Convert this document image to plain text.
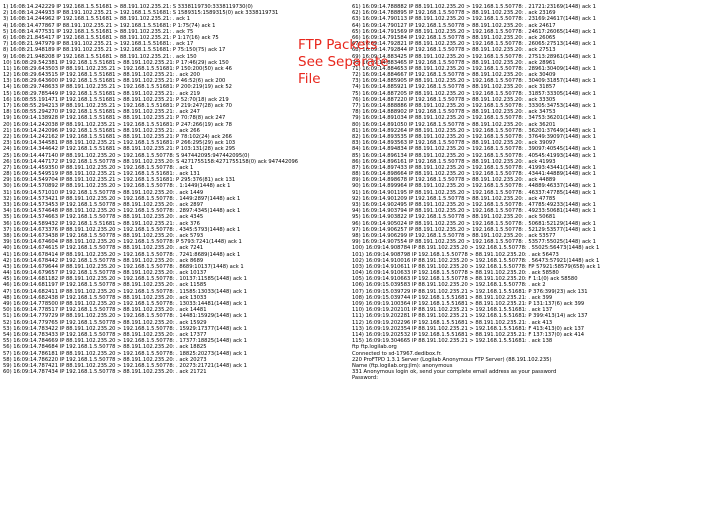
1) 16:08:14.242229 IP 192.168.1.5.51681 > 88.191.102.235.21: S 3338119730:3338119730(0)
2) 16:08:14.244933 IP 88.191.102.235.21 > 192.168.1.5.51681: S 1589315:1589315(0) ack 3338119731
3) 16:08:14.244962 IP 192.168.1.5.51681 > 88.191.102.235.21: . ack 1
4) 16:08:14.477867 IP 88.191.102.235.21 > 192.168.1.5.51681: P 1:75(74) ack 1
5) 16:08:14.477531 IP 192.168.1.5.51681 > 88.191.102.235.21: . ack 75
6) 16:08:21.845417 IP 192.168.1.5.51681 > 88.191.102.235.21: P 1:17(16) ack 75
7) 16:08:21.947979 IP 88.191.102.235.21 > 192.168.1.5.51681: . ack 17
8) 16:08:21.948189 IP 88.191.102.235.21 > 192.168.1.5.51681: P 75:150(75) ack 17
9) 16:08:21.948208 IP 192.168.1.5.51681 > 88.191.102.235.21: . ack 150
10) 16:08:29.542381 IP 192.168.1.5.51681 > 88.191.102.235.21: P 17:46(29) ack 150
11) 16:08:29.643503 IP 88.191.102.235.21 > 192.168.1.5.51681: P 150:200(50) ack 46
12) 16:08:29.643515 IP 192.168.1.5.51681 > 88.191.102.235.21: . ack 200
13) 16:08:29.643600 IP 192.168.1.5.51681 > 88.191.102.235.21: P 46:52(6) ack 200
14) 16:08:29.748633 IP 88.191.102.235.21 > 192.168.1.5.51681: P 200:219(19) ack 52
15) 16:08:29.785449 IP 192.168.1.5.51681 > 88.191.102.235.21: . ack 219
16) 16:08:55.191471 IP 192.168.1.5.51681 > 88.191.102.235.21: P 52:70(18) ack 219
17) 16:08:55.294213 IP 88.191.102.235.21 > 192.168.1.5.51681: P 219:247(28) ack 70
18) 16:08:55.294270 IP 192.168.1.5.51681 > 88.191.102.235.21: . ack 247
19) 16:09:14.138928 IP 192.168.1.5.51681 > 88.191.102.235.21: P 70:78(8) ack 247
20) 16:09:14.242038 IP 88.191.102.235.21 > 192.168.1.5.51681: P 247:266(19) ack 78
21) 16:09:14.242096 IP 192.168.1.5.51681 > 88.191.102.235.21: . ack 266
22) 16:09:14.242162 IP 192.168.1.5.51681 > 88.191.102.235.21: P 78:102(24) ack 266
23) 16:09:14.344581 IP 88.191.102.235.21 > 192.168.1.5.51681: P 266:295(29) ack 103
24) 16:09:14.344642 IP 192.168.1.5.51681 > 88.191.102.235.21: P 103:131(28) ack 295
25) 16:09:14.447140 IP 88.191.102.235.20 > 192.168.1.5.50778: S 947442095:947442095(0)
26) 16:09:14.447172 IP 192.168.1.5.50778 > 88.191.102.235.20: S 4271755158:4271755158(0) ack 947442096
27) 16:09:14.459350 IP 88.191.102.235.20 > 192.168.1.5.50778: . ack 1
28) 16:09:14.549519 IP 88.191.102.235.21 > 192.168.1.5.51681: . ack 131
29) 16:09:14.549704 IP 88.191.102.235.21 > 192.168.1.5.51681: P 295:376(81) ack 131
30) 16:09:14.570892 IP 88.191.102.235.20 > 192.168.1.5.50778: . 1:1449(1448) ack 1
31) 16:09:14.571010 IP 192.168.1.5.50778 > 88.191.102.235.20: . ack 1449
32) 16:09:14.573421 IP 88.191.102.235.20 > 192.168.1.5.50778: . 1449:2897(1448) ack 1
33) 16:09:14.573453 IP 192.168.1.5.50778 > 88.191.102.235.20: . ack 2897
34) 16:09:14.574648 IP 88.191.102.235.20 > 192.168.1.5.50778: . 2897:4345(1448) ack 1
35) 16:09:14.574663 IP 192.168.1.5.50778 > 88.191.102.235.20: . ack 4345
36) 16:09:14.589432 IP 192.168.1.5.51681 > 88.191.102.235.21: . ack 376
37) 16:09:14.673376 IP 88.191.102.235.20 > 192.168.1.5.50778: . 4345:5793(1448) ack 1
38) 16:09:14.673438 IP 192.168.1.5.50778 > 88.191.102.235.20: . ack 5793
39) 16:09:14.674604 IP 88.191.102.235.20 > 192.168.1.5.50778: P 5793:7241(1448) ack 1
40) 16:09:14.674615 IP 192.168.1.5.50778 > 88.191.102.235.20: . ack 7241
41) 16:09:14.678414 IP 88.191.102.235.20 > 192.168.1.5.50778: . 7241:8689(1448) ack 1
42) 16:09:14.678442 IP 192.168.1.5.50778 > 88.191.102.235.20: . ack 8689
43) 16:09:14.679644 IP 88.191.102.235.20 > 192.168.1.5.50778: . 8689:10137(1448) ack 1
44) 16:09:14.679657 IP 192.168.1.5.50778 > 88.191.102.235.20: . ack 10137
45) 16:09:14.681182 IP 88.191.102.235.20 > 192.168.1.5.50778: . 10137:11585(1448) ack 1
46) 16:09:14.681197 IP 192.168.1.5.50778 > 88.191.102.235.20: . ack 11585
47) 16:09:14.682411 IP 88.191.102.235.20 > 192.168.1.5.50778: . 11585:13033(1448) ack 1
48) 16:09:14.682438 IP 192.168.1.5.50778 > 88.191.102.235.20: . ack 13033
49) 16:09:14.778500 IP 88.191.102.235.20 > 192.168.1.5.50778: . 13033:14481(1448) ack 1
50) 16:09:14.778517 IP 192.168.1.5.50778 > 88.191.102.235.20: . ack 14481
51) 16:09:14.779729 IP 88.191.102.235.20 > 192.168.1.5.50778: . 14481:15929(1448) ack 1
52) 16:09:14.779765 IP 192.168.1.5.50778 > 88.191.102.235.20: . ack 15929
53) 16:09:14.783422 IP 88.191.102.235.20 > 192.168.1.5.50778: . 15929:17377(1448) ack 1
54) 16:09:14.783433 IP 192.168.1.5.50778 > 88.191.102.235.20: . ack 17377
55) 16:09:14.784669 IP 88.191.102.235.20 > 192.168.1.5.50778: . 17377:18825(1448) ack 1
56) 16:09:14.784684 IP 192.168.1.5.50778 > 88.191.102.235.20: . ack 18825
57) 16:09:14.786181 IP 88.191.102.235.20 > 192.168.1.5.50778: . 18825:20273(1448) ack 1
58) 16:09:14.786220 IP 192.168.1.5.50778 > 88.191.102.235.20: . ack 20273
59) 16:09:14.787421 IP 88.191.102.235.20 > 192.168.1.5.50778: . 20273:21721(1448) ack 1
60) 16:09:14.787434 IP 192.168.1.5.50778 > 88.191.102.235.20: . ack 21721
61) 16:09:14.788882 IP 88.191.102.235.20 > 192.168.1.5.50778: . 21721:23169(1448) ack 1
62) 16:09:14.788895 IP 192.168.1.5.50778 > 88.191.102.235.20: . ack 23169
63) 16:09:14.790113 IP 88.191.102.235.20 > 192.168.1.5.50778: . 23169:24617(1448) ack 1
64) 16:09:14.790127 IP 192.168.1.5.50778 > 88.191.102.235.20: . ack 24617
65) 16:09:14.791569 IP 88.191.102.235.20 > 192.168.1.5.50778: . 24617:26065(1448) ack 1
66) 16:09:14.791584 IP 192.168.1.5.50778 > 88.191.102.235.20: . ack 26065
67) 16:09:14.792821 IP 88.191.102.235.20 > 192.168.1.5.50778: . 26065:27513(1448) ack 1
68) 16:09:14.792844 IP 192.168.1.5.50778 > 88.191.102.235.20: . ack 27513
69) 16:09:14.883425 IP 88.191.102.235.20 > 192.168.1.5.50778: . 27513:28961(1448) ack 1
70) 16:09:14.883465 IP 192.168.1.5.50778 > 88.191.102.235.20: . ack 28961
71) 16:09:14.884653 IP 88.191.102.235.20 > 192.168.1.5.50778: . 28961:30409(1448) ack 1
72) 16:09:14.884667 IP 192.168.1.5.50778 > 88.191.102.235.20: . ack 30409
73) 16:09:14.885905 IP 88.191.102.235.20 > 192.168.1.5.50778: . 30409:31857(1448) ack 1
74) 16:09:14.885921 IP 192.168.1.5.50778 > 88.191.102.235.20: . ack 31857
75) 16:09:14.887205 IP 88.191.102.235.20 > 192.168.1.5.50778: . 31857:33305(1448) ack 1
76) 16:09:14.887220 IP 192.168.1.5.50778 > 88.191.102.235.20: . ack 33305
77) 16:09:14.888886 IP 88.191.102.235.20 > 192.168.1.5.50778: . 33305:34753(1448) ack 1
78) 16:09:14.888902 IP 192.168.1.5.50778 > 88.191.102.235.20: . ack 34753
79) 16:09:14.891034 IP 88.191.102.235.20 > 192.168.1.5.50778: . 34753:36201(1448) ack 1
80) 16:09:14.891050 IP 192.168.1.5.50778 > 88.191.102.235.20: . ack 36201
81) 16:09:14.892264 IP 88.191.102.235.20 > 192.168.1.5.50778: . 36201:37649(1448) ack 1
82) 16:09:14.893535 IP 88.191.102.235.20 > 192.168.1.5.50778: . 37649:39097(1448) ack 1
83) 16:09:14.893563 IP 192.168.1.5.50778 > 88.191.102.235.20: . ack 39097
84) 16:09:14.894834 IP 88.191.102.235.20 > 192.168.1.5.50778: . 39097:40545(1448) ack 1
85) 16:09:14.896134 IP 88.191.102.235.20 > 192.168.1.5.50778: . 40545:41993(1448) ack 1
86) 16:09:14.896161 IP 192.168.1.5.50778 > 88.191.102.235.20: . ack 41993
87) 16:09:14.897433 IP 88.191.102.235.20 > 192.168.1.5.50778: . 41993:43441(1448) ack 1
88) 16:09:14.898664 IP 88.191.102.235.20 > 192.168.1.5.50778: . 43441:44889(1448) ack 1
89) 16:09:14.898678 IP 192.168.1.5.50778 > 88.191.102.235.20: . ack 44889
90) 16:09:14.899964 IP 88.191.102.235.20 > 192.168.1.5.50778: . 44889:46337(1448) ack 1
91) 16:09:14.901195 IP 88.191.102.235.20 > 192.168.1.5.50778: . 46337:47785(1448) ack 1
92) 16:09:14.901209 IP 192.168.1.5.50778 > 88.191.102.235.20: . ack 47785
93) 16:09:14.902495 IP 88.191.102.235.20 > 192.168.1.5.50778: . 47785:49233(1448) ack 1
94) 16:09:14.903794 IP 88.191.102.235.20 > 192.168.1.5.50778: . 49233:50681(1448) ack 1
95) 16:09:14.903822 IP 192.168.1.5.50778 > 88.191.102.235.20: . ack 50681
96) 16:09:14.905024 IP 88.191.102.235.20 > 192.168.1.5.50778: . 50681:52129(1448) ack 1
97) 16:09:14.906257 IP 88.191.102.235.20 > 192.168.1.5.50778: . 52129:53577(1448) ack 1
98) 16:09:14.906299 IP 192.168.1.5.50778 > 88.191.102.235.20: . ack 53577
99) 16:09:14.907554 IP 88.191.102.235.20 > 192.168.1.5.50778: . 53577:55025(1448) ack 1
100) 16:09:14.908784 IP 88.191.102.235.20 > 192.168.1.5.50778: . 55025:56473(1448) ack 1
101) 16:09:14.908798 IP 192.168.1.5.50778 > 88.191.102.235.20: . ack 56473
102) 16:09:14.910016 IP 88.191.102.235.20 > 192.168.1.5.50778: . 56473:57921(1448) ack 1
103) 16:09:14.910611 IP 88.191.102.235.20 > 192.168.1.5.50778: FP 57921:58579(658) ack 1
104) 16:09:14.910633 IP 192.168.1.5.50778 > 88.191.102.235.20: . ack 58580
105) 16:09:14.910663 IP 192.168.1.5.50778 > 88.191.102.235.20: F 1:1(0) ack 58580
106) 16:09:15.039583 IP 88.191.102.235.20 > 192.168.1.5.50778: . ack 2
107) 16:09:15.039729 IP 88.191.102.235.21 > 192.168.1.5.51681: P 376:399(23) ack 131
108) 16:09:15.039744 IP 192.168.1.5.51681 > 88.191.102.235.21: . ack 399
109) 16:09:19.100364 IP 192.168.1.5.51681 > 88.191.102.235.21: P 131:137(6) ack 399
110) 16:09:19.202101 IP 88.191.102.235.21 > 192.168.1.5.51681: . ack 137
111) 16:09:19.202281 IP 88.191.102.235.21 > 192.168.1.5.51681: P 399:413(14) ack 137
112) 16:09:19.202296 IP 192.168.1.5.51681 > 88.191.102.235.21: . ack 413
113) 16:09:19.202354 IP 88.191.102.235.21 > 192.168.1.5.51681: F 413:413(0) ack 137
114) 16:09:19.202532 IP 192.168.1.5.51681 > 88.191.102.235.21: F 137:137(0) ack 414
115) 16:09:19.304665 IP 88.191.102.235.21 > 192.168.1.5.51681: . ack 138
ftp ftp.logilab.org
Connected to sd-17967.dedibox.fr.
220 ProFTPD 1.3.1 Server (Logilab Anonymous FTP Server) (88.191.102.235)
Name (ftp.logilab.org:jlm): anonymous
331 Anonymous login ok, send your complete email address as your password
Password:
FTP Packets
See Separate
File
